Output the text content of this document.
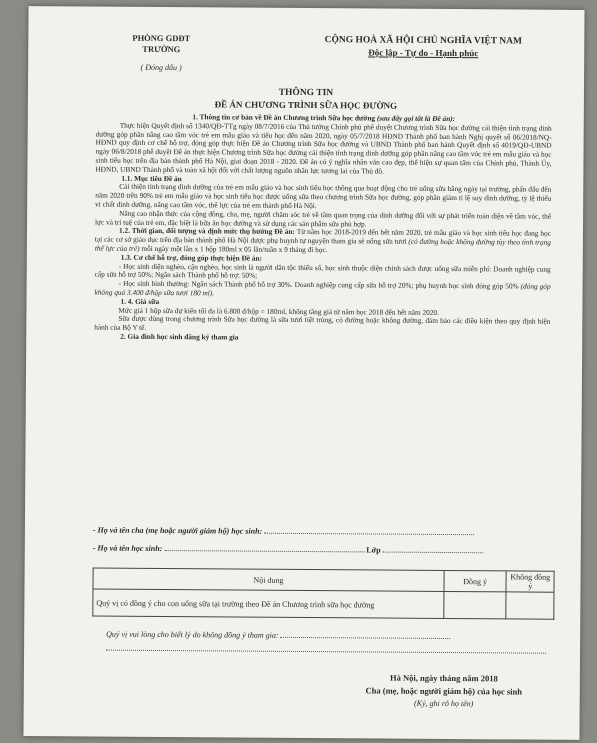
PHÒNG GDĐT
TRƯỜNG
( Đóng dấu )
CỘNG HOÀ XÃ HỘI CHỦ NGHĨA VIỆT NAM
Độc lập - Tự do - Hạnh phúc
THÔNG TIN
ĐỀ ÁN CHƯƠNG TRÌNH SỮA HỌC ĐƯỜNG

1. Thông tin cơ bản về Đề án Chương trình Sữa học đường (sau đây gọi tắt là Đề án):

Thực hiện Quyết định số 1340/QĐ-TTg ngày 08/7/2016 của Thủ tướng Chính phủ phê duyệt Chương trình Sữa học đường cải thiện tình trạng dinh dưỡng góp phần nâng cao tầm vóc trẻ em mẫu giáo và tiểu học đến năm 2020, ngày 05/7/2018 HĐND Thành phố ban hành Nghị quyết số 06/2018/NQ-HĐND quy định cơ chế hỗ trợ, đóng góp thực hiện Đề án Chương trình Sữa học đường và UBND Thành phố ban hành Quyết định số 4019/QĐ-UBND ngày 06/8/2018 phê duyệt Đề án thực hiện Chương trình Sữa học đường cải thiện tình trạng dinh dưỡng góp phần nâng cao tầm vóc trẻ em mẫu giáo và học sinh tiểu học trên địa bàn thành phố Hà Nội, giai đoạn 2018 - 2020. Đề án có ý nghĩa nhân văn cao đẹp, thể hiện sự quan tâm của Chính phủ, Thành Ủy, HĐND, UBND Thành phố và toàn xã hội đối với chất lượng nguồn nhân lực tương lai của Thủ đô.

1.1. Mục tiêu Đề án

Cải thiện tình trạng dinh dưỡng của trẻ em mẫu giáo và học sinh tiểu học thông qua hoạt động cho trẻ uống sữa hằng ngày tại trường, phấn đấu đến năm 2020 trên 90% trẻ em mẫu giáo và học sinh tiểu học được uống sữa theo chương trình Sữa học đường, góp phần giảm tỉ lệ suy dinh dưỡng, tỷ lệ thiếu vi chất dinh dưỡng, nâng cao tầm vóc, thể lực của trẻ em thành phố Hà Nội.

Nâng cao nhận thức của cộng đồng, cha, mẹ, người chăm sóc trẻ về tầm quan trọng của dinh dưỡng đối với sự phát triển toàn diện về tầm vóc, thể lực và trí tuệ của trẻ em, đặc biệt là bữa ăn học đường và sử dụng các sản phẩm sữa phù hợp.

1.2. Thời gian, đối tượng và định mức thụ hưởng Đề án: Từ năm học 2018-2019 đến hết năm 2020, trẻ mẫu giáo và học sinh tiểu học đang học tại các cơ sở giáo dục trên địa bàn thành phố Hà Nội được phụ huynh tự nguyện tham gia sẽ uống sữa tươi (có đường hoặc không đường tùy theo tình trạng thể lực của trẻ) mỗi ngày một lần x 1 hộp 180ml x 05 lần/tuần x 9 tháng đi học.

1.3. Cơ chế hỗ trợ, đóng góp thực hiện Đề án:

- Học sinh diện nghèo, cận nghèo, học sinh là người dân tộc thiểu số, học sinh thuộc diện chính sách được uống sữa miễn phí: Doanh nghiệp cung cấp sữa hỗ trợ 50%; Ngân sách Thành phố hỗ trợ: 50%;

- Học sinh bình thường: Ngân sách Thành phố hỗ trợ 30%. Doanh nghiệp cung cấp sữa hỗ trợ 20%; phụ huynh học sinh đóng góp 50% (đóng góp không quá 3.400 đ/hộp sữa tươi 180 ml).

1. 4. Giá sữa

Mức giá 1 hộp sữa dự kiến tối đa là 6.800 đ/hộp = 180ml, không tăng giá từ năm học 2018 đến hết năm 2020.

Sữa được dùng trong chương trình Sữa học đường là sữa tươi tiệt trùng, có đường hoặc không đường, đảm bảo các điều kiện theo quy định hiện hành của Bộ Y tế.

2. Gia đình học sinh đăng ký tham gia

- Họ và tên cha (mẹ hoặc người giám hộ) học sinh:
- Họ và tên học sinh:	Lớp
Nội dung	Đồng ý	Không đồng ý
Quý vị có đồng ý cho con uống sữa tại trường theo Đề án Chương trình sữa học đường		
Quý vị vui lòng cho biết lý do không đồng ý tham gia:
Hà Nội, ngày tháng năm 2018
Cha (mẹ, hoặc người giám hộ) của học sinh
(Ký, ghi rõ họ tên)
